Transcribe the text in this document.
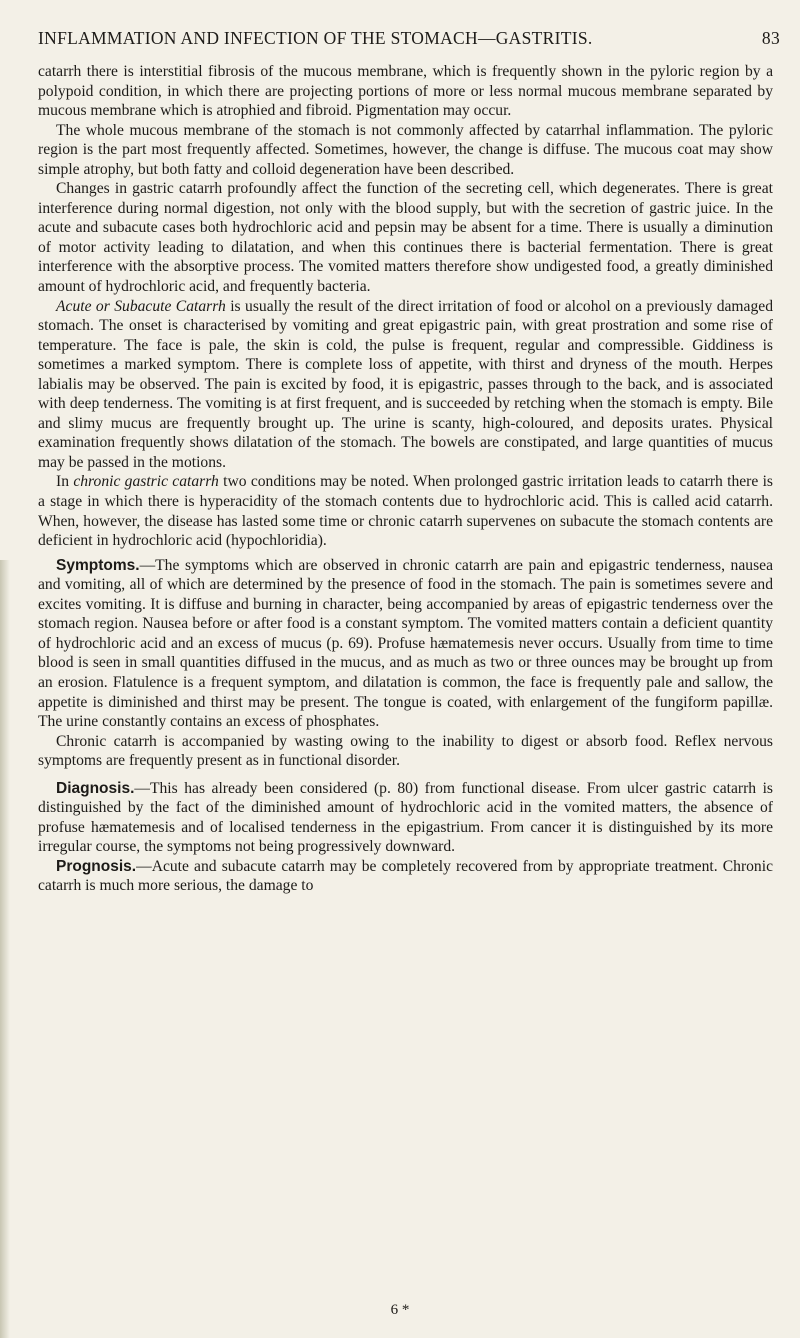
INFLAMMATION AND INFECTION OF THE STOMACH—GASTRITIS.	83

catarrh there is interstitial fibrosis of the mucous membrane, which is frequently shown in the pyloric region by a polypoid condition, in which there are projecting portions of more or less normal mucous membrane separated by mucous membrane which is atrophied and fibroid. Pigmentation may occur.

The whole mucous membrane of the stomach is not commonly affected by catarrhal inflammation. The pyloric region is the part most frequently affected. Sometimes, however, the change is diffuse. The mucous coat may show simple atrophy, but both fatty and colloid degeneration have been described.

Changes in gastric catarrh profoundly affect the function of the secreting cell, which degenerates. There is great interference during normal digestion, not only with the blood supply, but with the secretion of gastric juice. In the acute and subacute cases both hydrochloric acid and pepsin may be absent for a time. There is usually a diminution of motor activity leading to dilatation, and when this continues there is bacterial fermentation. There is great interference with the absorptive process. The vomited matters therefore show undigested food, a greatly diminished amount of hydrochloric acid, and frequently bacteria.

Acute or Subacute Catarrh is usually the result of the direct irritation of food or alcohol on a previously damaged stomach. The onset is characterised by vomiting and great epigastric pain, with great prostration and some rise of temperature. The face is pale, the skin is cold, the pulse is frequent, regular and compressible. Giddiness is sometimes a marked symptom. There is complete loss of appetite, with thirst and dryness of the mouth. Herpes labialis may be observed. The pain is excited by food, it is epigastric, passes through to the back, and is associated with deep tenderness. The vomiting is at first frequent, and is succeeded by retching when the stomach is empty. Bile and slimy mucus are frequently brought up. The urine is scanty, high-coloured, and deposits urates. Physical examination frequently shows dilatation of the stomach. The bowels are constipated, and large quantities of mucus may be passed in the motions.

In chronic gastric catarrh two conditions may be noted. When prolonged gastric irritation leads to catarrh there is a stage in which there is hyperacidity of the stomach contents due to hydrochloric acid. This is called acid catarrh. When, however, the disease has lasted some time or chronic catarrh supervenes on subacute the stomach contents are deficient in hydrochloric acid (hypochloridia).

Symptoms.—The symptoms which are observed in chronic catarrh are pain and epigastric tenderness, nausea and vomiting, all of which are determined by the presence of food in the stomach. The pain is sometimes severe and excites vomiting. It is diffuse and burning in character, being accompanied by areas of epigastric tenderness over the stomach region. Nausea before or after food is a constant symptom. The vomited matters contain a deficient quantity of hydrochloric acid and an excess of mucus (p. 69). Profuse hæmatemesis never occurs. Usually from time to time blood is seen in small quantities diffused in the mucus, and as much as two or three ounces may be brought up from an erosion. Flatulence is a frequent symptom, and dilatation is common, the face is frequently pale and sallow, the appetite is diminished and thirst may be present. The tongue is coated, with enlargement of the fungiform papillæ. The urine constantly contains an excess of phosphates.

Chronic catarrh is accompanied by wasting owing to the inability to digest or absorb food. Reflex nervous symptoms are frequently present as in functional disorder.

Diagnosis.—This has already been considered (p. 80) from functional disease. From ulcer gastric catarrh is distinguished by the fact of the diminished amount of hydrochloric acid in the vomited matters, the absence of profuse hæmatemesis and of localised tenderness in the epigastrium. From cancer it is distinguished by its more irregular course, the symptoms not being progressively downward.

Prognosis.—Acute and subacute catarrh may be completely recovered from by appropriate treatment. Chronic catarrh is much more serious, the damage to

6 *
